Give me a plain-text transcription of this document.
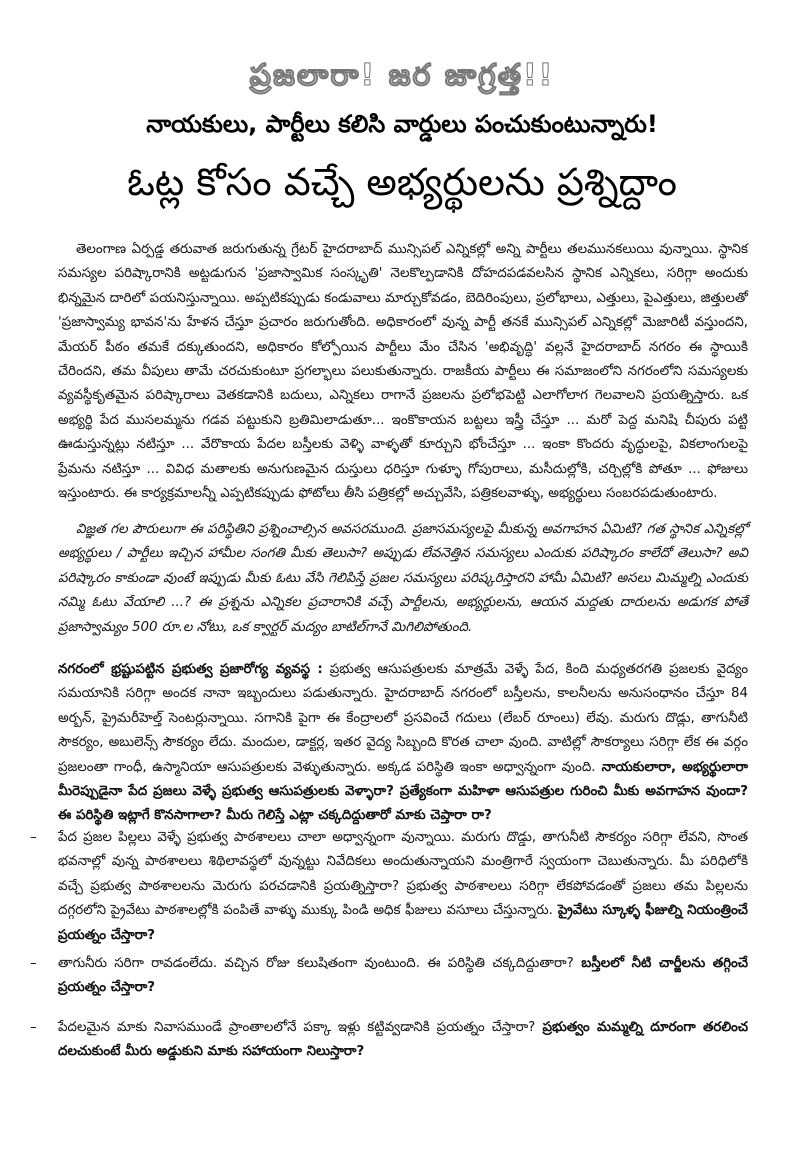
ప్రజలారా! జర జాగ్రత్త!!
నాయకులు, పార్టీలు కలిసి వార్డులు పంచుకుంటున్నారు!
ఓట్ల కోసం వచ్చే అభ్యర్థులను ప్రశ్నిద్దాం
తెలంగాణ ఏర్పడ్డ తరువాత జరుగుతున్న గ్రేటర్ హైదరాబాద్ మున్సిపల్ ఎన్నికల్లో అన్ని పార్టీలు తలమునకలుయి వున్నాయి. స్థానిక సమస్యల పరిష్కారానికి అట్టడుగున 'ప్రజాస్వామిక సంస్కృతి' నెలకొల్పడానికి దోహదపడవలసిన స్థానిక ఎన్నికలు, సరిగ్గా అందుకు భిన్నమైన దారిలో పయనిస్తున్నాయి. అప్పటికప్పుడు కండువాలు మార్చుకోవడం, బెదిరింపులు, ప్రలోభాలు, ఎత్తులు, పైఎత్తులు, జిత్తులతో 'ప్రజాస్వామ్య భావన'ను హేళన చేస్తూ ప్రచారం జరుగుతోంది. అధికారంలో వున్న పార్టీ తనకే మున్సిపల్ ఎన్నికల్లో మెజారిటీ వస్తుందని, మేయర్ పీఠం తమకే దక్కుతుందని, అధికారం కోల్పోయిన పార్టీలు మేం చేసిన 'అభివృద్ధి' వల్లనే హైదరాబాద్ నగరం ఈ స్థాయికి చేరిందని, తమ వీపులు తామే చరచుకుంటూ ప్రగల్భాలు పలుకుతున్నారు. రాజకీయ పార్టీలు ఈ సమాజంలోని నగరంలోని సమస్యలకు వ్యవస్థీకృతమైన పరిష్కారాలు వెతకడానికి బదులు, ఎన్నికలు రాగానే ప్రజలను ప్రలోభపెట్టి ఎలాగోలాగ గెలవాలని ప్రయత్నిస్తారు. ఒక అభ్యర్థి పేద ముసలమ్మను గడవ పట్టుకుని బ్రతిమిలాడుతూ... ఇంకొకాయన బట్టలు ఇస్త్రీ చేస్తూ ... మరో పెద్ద మనిషి చీపురు పట్టి ఊడుస్తున్నట్లు నటిస్తూ ... వేరొకాయ పేదల బస్తీలకు వెళ్ళి వాళ్ళతో కూర్చుని భోంచేస్తూ ... ఇంకా కొందరు వృద్ధులపై, వికలాంగులపై ప్రేమను నటిస్తూ ... వివిధ మతాలకు అనుగుణమైన దుస్తులు ధరిస్తూ గుళ్ళూ గోపురాలు, మసీదుల్లోకి, చర్చిల్లోకి పోతూ ... ఫోజులు ఇస్తుంటారు. ఈ కార్యక్రమాలన్నీ ఎప్పటికప్పుడు ఫోటోలు తీసి పత్రికల్లో అచ్చువేసి, పత్రికలవాళ్ళు, అభ్యర్థులు సంబరపడుతుంటారు.
విజ్ఞత గల పౌరులుగా ఈ పరిస్థితిని ప్రశ్నించాల్సిన అవసరముంది. ప్రజాసమస్యలపై మీకున్న అవగాహన ఏమిటి? గత స్థానిక ఎన్నికల్లో అభ్యర్థులు / పార్టీలు ఇచ్చిన హామీల సంగతి మీకు తెలుసా? అప్పుడు లేవనెత్తిన సమస్యలు ఎందుకు పరిష్కారం కాలేదో తెలుసా? అవి పరిష్కారం కాకుండా వుంటే ఇప్పుడు మీకు ఓటు వేసి గెలిపిస్తే ప్రజల సమస్యలు పరిష్కరిస్తారని హామీ ఏమిటి? అసలు మిమ్మల్ని ఎందుకు నమ్మి ఓటు వేయాలి ...? ఈ ప్రశ్నను ఎన్నికల ప్రచారానికి వచ్చే పార్టీలను, అభ్యర్థులను, ఆయన మద్దతు దారులను అడుగక పోతే ప్రజాస్వామ్యం 500 రూ.ల నోటు, ఒక క్వార్టర్ మద్యం బాటిల్‌గానే మిగిలిపోతుంది.
నగరంలో భ్రష్టుపట్టిన ప్రభుత్వ ప్రజారోగ్య వ్యవస్థ : ప్రభుత్వ ఆసుపత్రులకు మాత్రమే వెళ్ళే పేద, కింది మధ్యతరగతి ప్రజలకు వైద్యం సమయానికి సరిగ్గా అందక నానా ఇబ్బందులు పడుతున్నారు. హైదరాబాద్ నగరంలో బస్తీలను, కాలనీలను అనుసంధానం చేస్తూ 84 అర్బన్, ప్రైమరీహెల్త్ సెంటర్లున్నాయి. సగానికి పైగా ఈ కేంద్రాలలో ప్రసవించే గదులు (లేబర్ రూంలు) లేవు. మరుగు దొడ్లు, తాగునీటి సౌకర్యం, అబులెన్స్ సౌకర్యం లేదు. మందుల, డాక్టర్ల, ఇతర వైద్య సిబ్బంది కొరత చాలా వుంది. వాటిల్లో సౌకర్యాలు సరిగ్గా లేక ఈ వర్గం ప్రజలంతా గాంధీ, ఉస్మానియా ఆసుపత్రులకు వెళ్ళుతున్నారు. అక్కడ పరిస్థితి ఇంకా అధ్వాన్నంగా వుంది. నాయకులారా, అభ్యర్థులారా మీరెప్పుడైనా పేద ప్రజలు వెళ్ళే ప్రభుత్వ ఆసుపత్రులకు వెళ్ళారా? ప్రత్యేకంగా మహిళా ఆసుపత్రుల గురించి మీకు అవగాహన వుందా? ఈ పరిస్థితి ఇట్లాగే కొనసాగాలా? మీరు గెలిస్తే ఎట్లా చక్కదిద్దుతారో మాకు చెప్తారా రా?
–	పేద ప్రజల పిల్లలు వెళ్ళే ప్రభుత్వ పాఠశాలలు చాలా అధ్వాన్నంగా వున్నాయి. మరుగు దొడ్డు, తాగునీటి సౌకర్యం సరిగ్గా లేవని, సొంత భవనాల్లో వున్న పాఠశాలలు శిథిలావస్థలో వున్నట్టు నివేదికలు అందుతున్నాయని మంత్రిగారే స్వయంగా చెబుతున్నారు. మీ పరిధిలోకి వచ్చే ప్రభుత్వ పాఠశాలలను మెరుగు పరచడానికి ప్రయత్నిస్తారా? ప్రభుత్వ పాఠశాలలు సరిగ్గా లేకపోవడంతో ప్రజలు తమ పిల్లలను దగ్గరలోని ప్రైవేటు పాఠశాలల్లోకి పంపితే వాళ్ళు ముక్కు పిండి అధిక ఫీజులు వసూలు చేస్తున్నారు. ప్రైవేటు స్కూళ్ళ ఫీజుల్ని నియంత్రించే ప్రయత్నం చేస్తారా?
–	తాగునీరు సరిగా రావడంలేదు. వచ్చిన రోజు కలుషితంగా వుంటుంది. ఈ పరిస్థితి చక్కదిద్దుతారా? బస్తీలలో నీటి చార్జీలను తగ్గించే ప్రయత్నం చేస్తారా?
–	పేదలమైన మాకు నివాసముండే ప్రాంతాలలోనే పక్కా ఇళ్లు కట్టివ్వడానికి ప్రయత్నం చేస్తారా? ప్రభుత్వం మమ్మల్ని దూరంగా తరలించ దలచుకుంటే మీరు అడ్డుకుని మాకు సహాయంగా నిలుస్తారా?
